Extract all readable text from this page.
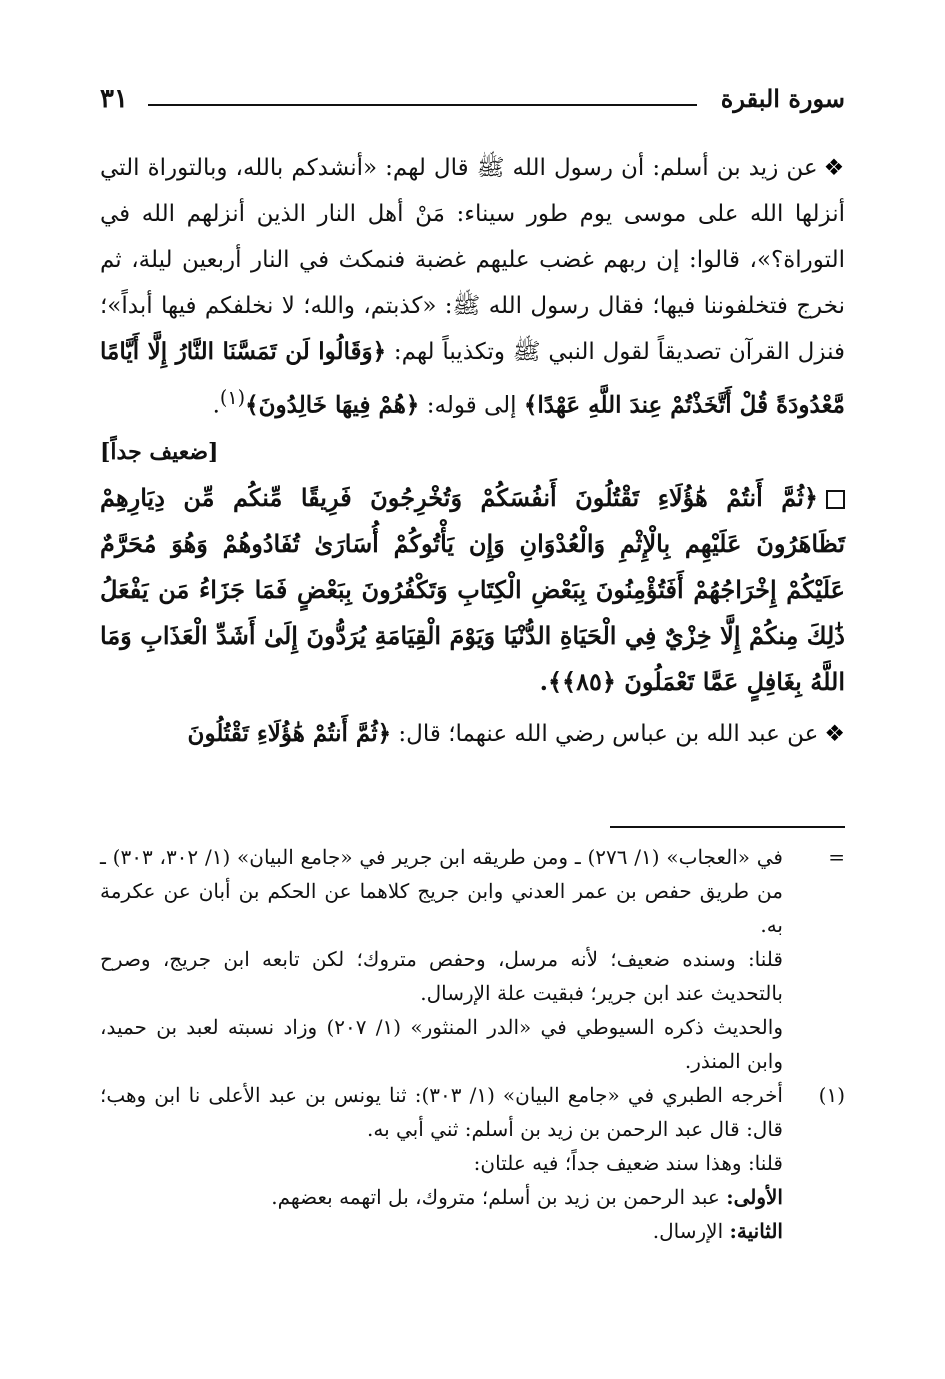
سورة البقرة
٣١

❖عن زيد بن أسلم: أن رسول الله ﷺ قال لهم: «أنشدكم بالله، وبالتوراة التي أنزلها الله على موسى يوم طور سيناء: مَنْ أهل النار الذين أنزلهم الله في التوراة؟»، قالوا: إن ربهم غضب عليهم غضبة فنمكث في النار أربعين ليلة، ثم نخرج فتخلفوننا فيها؛ فقال رسول الله ﷺ: «كذبتم، والله؛ لا نخلفكم فيها أبداً»؛ فنزل القرآن تصديقاً لقول النبي ﷺ وتكذيباً لهم: ﴿وَقَالُوا لَن تَمَسَّنَا النَّارُ إِلَّا أَيَّامًا مَّعْدُودَةً قُلْ أَتَّخَذْتُمْ عِندَ اللَّهِ عَهْدًا﴾ إلى قوله: ﴿هُمْ فِيهَا خَالِدُونَ﴾$^{(١)}$.
[ضعيف جداً]

﴿ثُمَّ أَنتُمْ هَٰؤُلَاءِ تَقْتُلُونَ أَنفُسَكُمْ وَتُخْرِجُونَ فَرِيقًا مِّنكُم مِّن دِيَارِهِمْ تَظَاهَرُونَ عَلَيْهِم بِالْإِثْمِ وَالْعُدْوَانِ وَإِن يَأْتُوكُمْ أُسَارَىٰ تُفَادُوهُمْ وَهُوَ مُحَرَّمٌ عَلَيْكُمْ إِخْرَاجُهُمْ أَفَتُؤْمِنُونَ بِبَعْضِ الْكِتَابِ وَتَكْفُرُونَ بِبَعْضٍ فَمَا جَزَاءُ مَن يَفْعَلُ ذَٰلِكَ مِنكُمْ إِلَّا خِزْيٌ فِي الْحَيَاةِ الدُّنْيَا وَيَوْمَ الْقِيَامَةِ يُرَدُّونَ إِلَىٰ أَشَدِّ الْعَذَابِ وَمَا اللَّهُ بِغَافِلٍ عَمَّا تَعْمَلُونَ ﴿٨٥﴾﴾.

❖عن عبد الله بن عباس رضي الله عنهما؛ قال: ﴿ثُمَّ أَنتُمْ هَٰؤُلَاءِ تَقْتُلُونَ

=

في «العجاب» (١/ ٢٧٦) ـ ومن طريقه ابن جرير في «جامع البيان» (١/ ٣٠٢، ٣٠٣) ـ من طريق حفص بن عمر العدني وابن جريج كلاهما عن الحكم بن أبان عن عكرمة به.

قلنا: وسنده ضعيف؛ لأنه مرسل، وحفص متروك؛ لكن تابعه ابن جريج، وصرح بالتحديث عند ابن جرير؛ فبقيت علة الإرسال.

والحديث ذكره السيوطي في «الدر المنثور» (١/ ٢٠٧) وزاد نسبته لعبد بن حميد، وابن المنذر.

(١)

أخرجه الطبري في «جامع البيان» (١/ ٣٠٣): ثنا يونس بن عبد الأعلى نا ابن وهب؛ قال: قال عبد الرحمن بن زيد بن أسلم: ثني أبي به.

قلنا: وهذا سند ضعيف جداً؛ فيه علتان:

الأولى: عبد الرحمن بن زيد بن أسلم؛ متروك، بل اتهمه بعضهم.

الثانية: الإرسال.
